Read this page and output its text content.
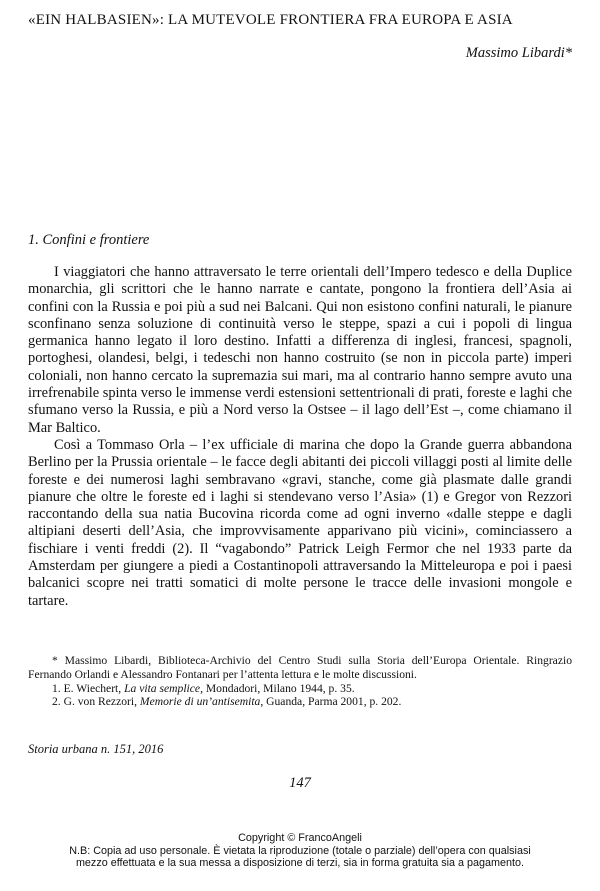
«EIN HALBASIEN»: LA MUTEVOLE FRONTIERA FRA EUROPA E ASIA
Massimo Libardi*
1. Confini e frontiere

I viaggiatori che hanno attraversato le terre orientali dell’Impero tedesco e della Duplice monarchia, gli scrittori che le hanno narrate e cantate, pongono la frontiera dell’Asia ai confini con la Russia e poi più a sud nei Balcani. Qui non esistono confini naturali, le pianure sconfinano senza soluzione di continuità verso le steppe, spazi a cui i popoli di lingua germanica hanno legato il loro destino. Infatti a differenza di inglesi, francesi, spagnoli, portoghesi, olandesi, belgi, i tedeschi non hanno costruito (se non in piccola parte) imperi coloniali, non hanno cercato la supremazia sui mari, ma al contrario hanno sempre avuto una irrefrenabile spinta verso le immense verdi estensioni settentrionali di prati, foreste e laghi che sfumano verso la Russia, e più a Nord verso la Ostsee – il lago dell’Est –, come chiamano il Mar Baltico.

Così a Tommaso Orla – l’ex ufficiale di marina che dopo la Grande guerra abbandona Berlino per la Prussia orientale – le facce degli abitanti dei piccoli villaggi posti al limite delle foreste e dei numerosi laghi sembravano «gravi, stanche, come già plasmate dalle grandi pianure che oltre le foreste ed i laghi si stendevano verso l’Asia» (1) e Gregor von Rezzori raccontando della sua natia Bucovina ricorda come ad ogni inverno «dalle steppe e dagli altipiani deserti dell’Asia, che improvvisamente apparivano più vicini», cominciassero a fischiare i venti freddi (2). Il “vagabondo” Patrick Leigh Fermor che nel 1933 parte da Amsterdam per giungere a piedi a Costantinopoli attraversando la Mitteleuropa e poi i paesi balcanici scopre nei tratti somatici di molte persone le tracce delle invasioni mongole e tartare.

* Massimo Libardi, Biblioteca-Archivio del Centro Studi sulla Storia dell’Europa Orientale. Ringrazio Fernando Orlandi e Alessandro Fontanari per l’attenta lettura e le molte discussioni.

1. E. Wiechert, La vita semplice, Mondadori, Milano 1944, p. 35.

2. G. von Rezzori, Memorie di un’antisemita, Guanda, Parma 2001, p. 202.

Storia urbana n. 151, 2016
147
Copyright © FrancoAngeli
N.B: Copia ad uso personale. È vietata la riproduzione (totale o parziale) dell’opera con qualsiasi
mezzo effettuata e la sua messa a disposizione di terzi, sia in forma gratuita sia a pagamento.
